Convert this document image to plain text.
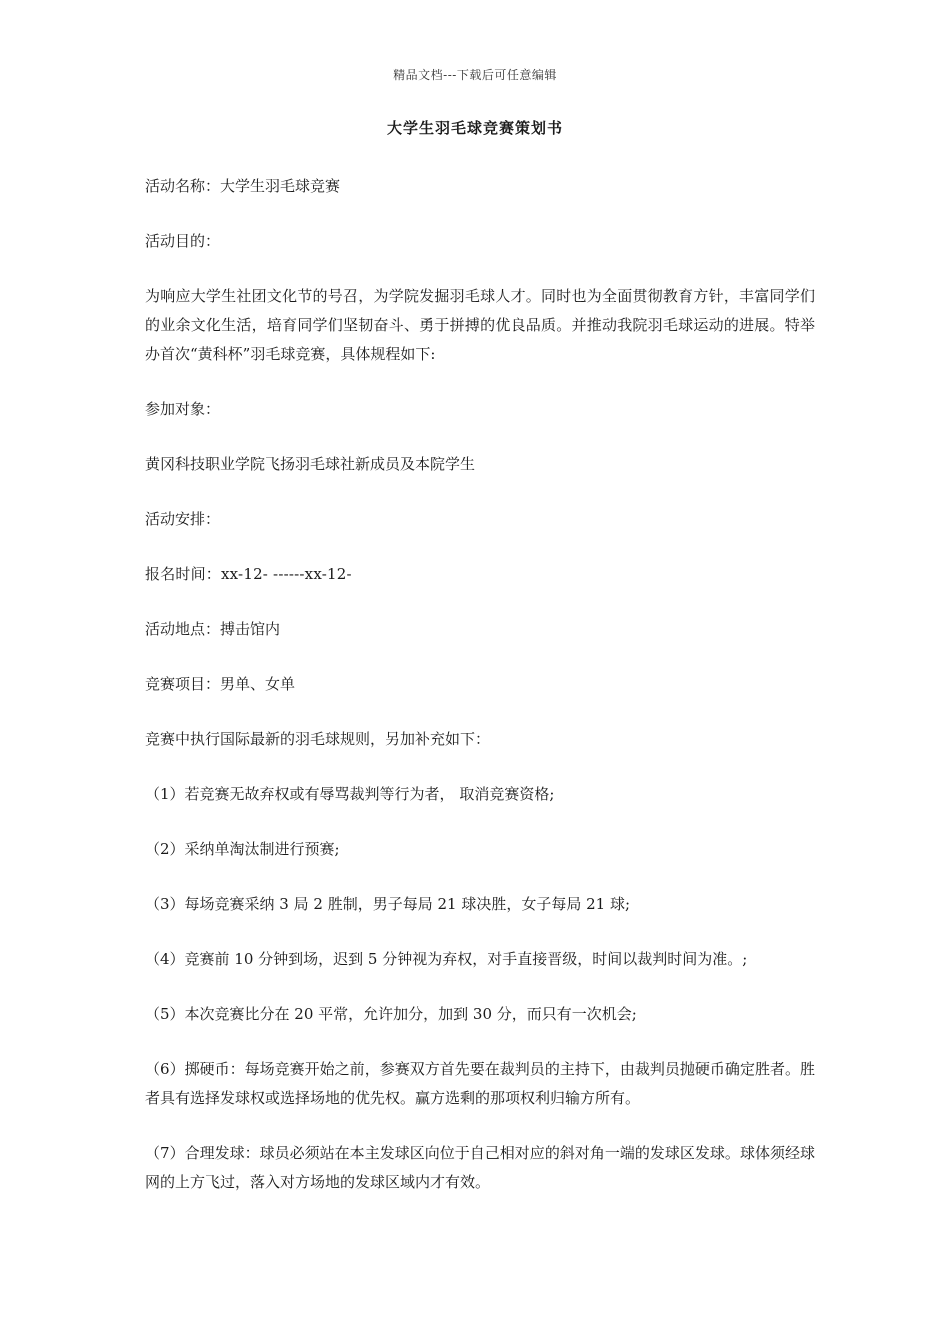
精品文档---下载后可任意编辑
大学生羽毛球竞赛策划书

活动名称：大学生羽毛球竞赛

活动目的：

为响应大学生社团文化节的号召，为学院发掘羽毛球人才。同时也为全面贯彻教育方针，丰富同学们的业余文化生活，培育同学们坚韧奋斗、勇于拼搏的优良品质。并推动我院羽毛球运动的进展。特举办首次“黄科杯”羽毛球竞赛，具体规程如下:

参加对象：

黄冈科技职业学院飞扬羽毛球社新成员及本院学生

活动安排：

报名时间：xx-12- ------xx-12-

活动地点：搏击馆内

竞赛项目：男单、女单

竞赛中执行国际最新的羽毛球规则，另加补充如下：

（1）若竞赛无故弃权或有辱骂裁判等行为者， 取消竞赛资格;

（2）采纳单淘汰制进行预赛;

（3）每场竞赛采纳 3 局 2 胜制，男子每局 21 球决胜，女子每局 21 球;

（4）竞赛前 10 分钟到场，迟到 5 分钟视为弃权，对手直接晋级，时间以裁判时间为准。;

（5）本次竞赛比分在 20 平常，允许加分，加到 30 分，而只有一次机会;

（6）掷硬币：每场竞赛开始之前，参赛双方首先要在裁判员的主持下，由裁判员抛硬币确定胜者。胜者具有选择发球权或选择场地的优先权。赢方选剩的那项权利归输方所有。

（7）合理发球：球员必须站在本主发球区向位于自己相对应的斜对角一端的发球区发球。球体须经球网的上方飞过，落入对方场地的发球区域内才有效。
